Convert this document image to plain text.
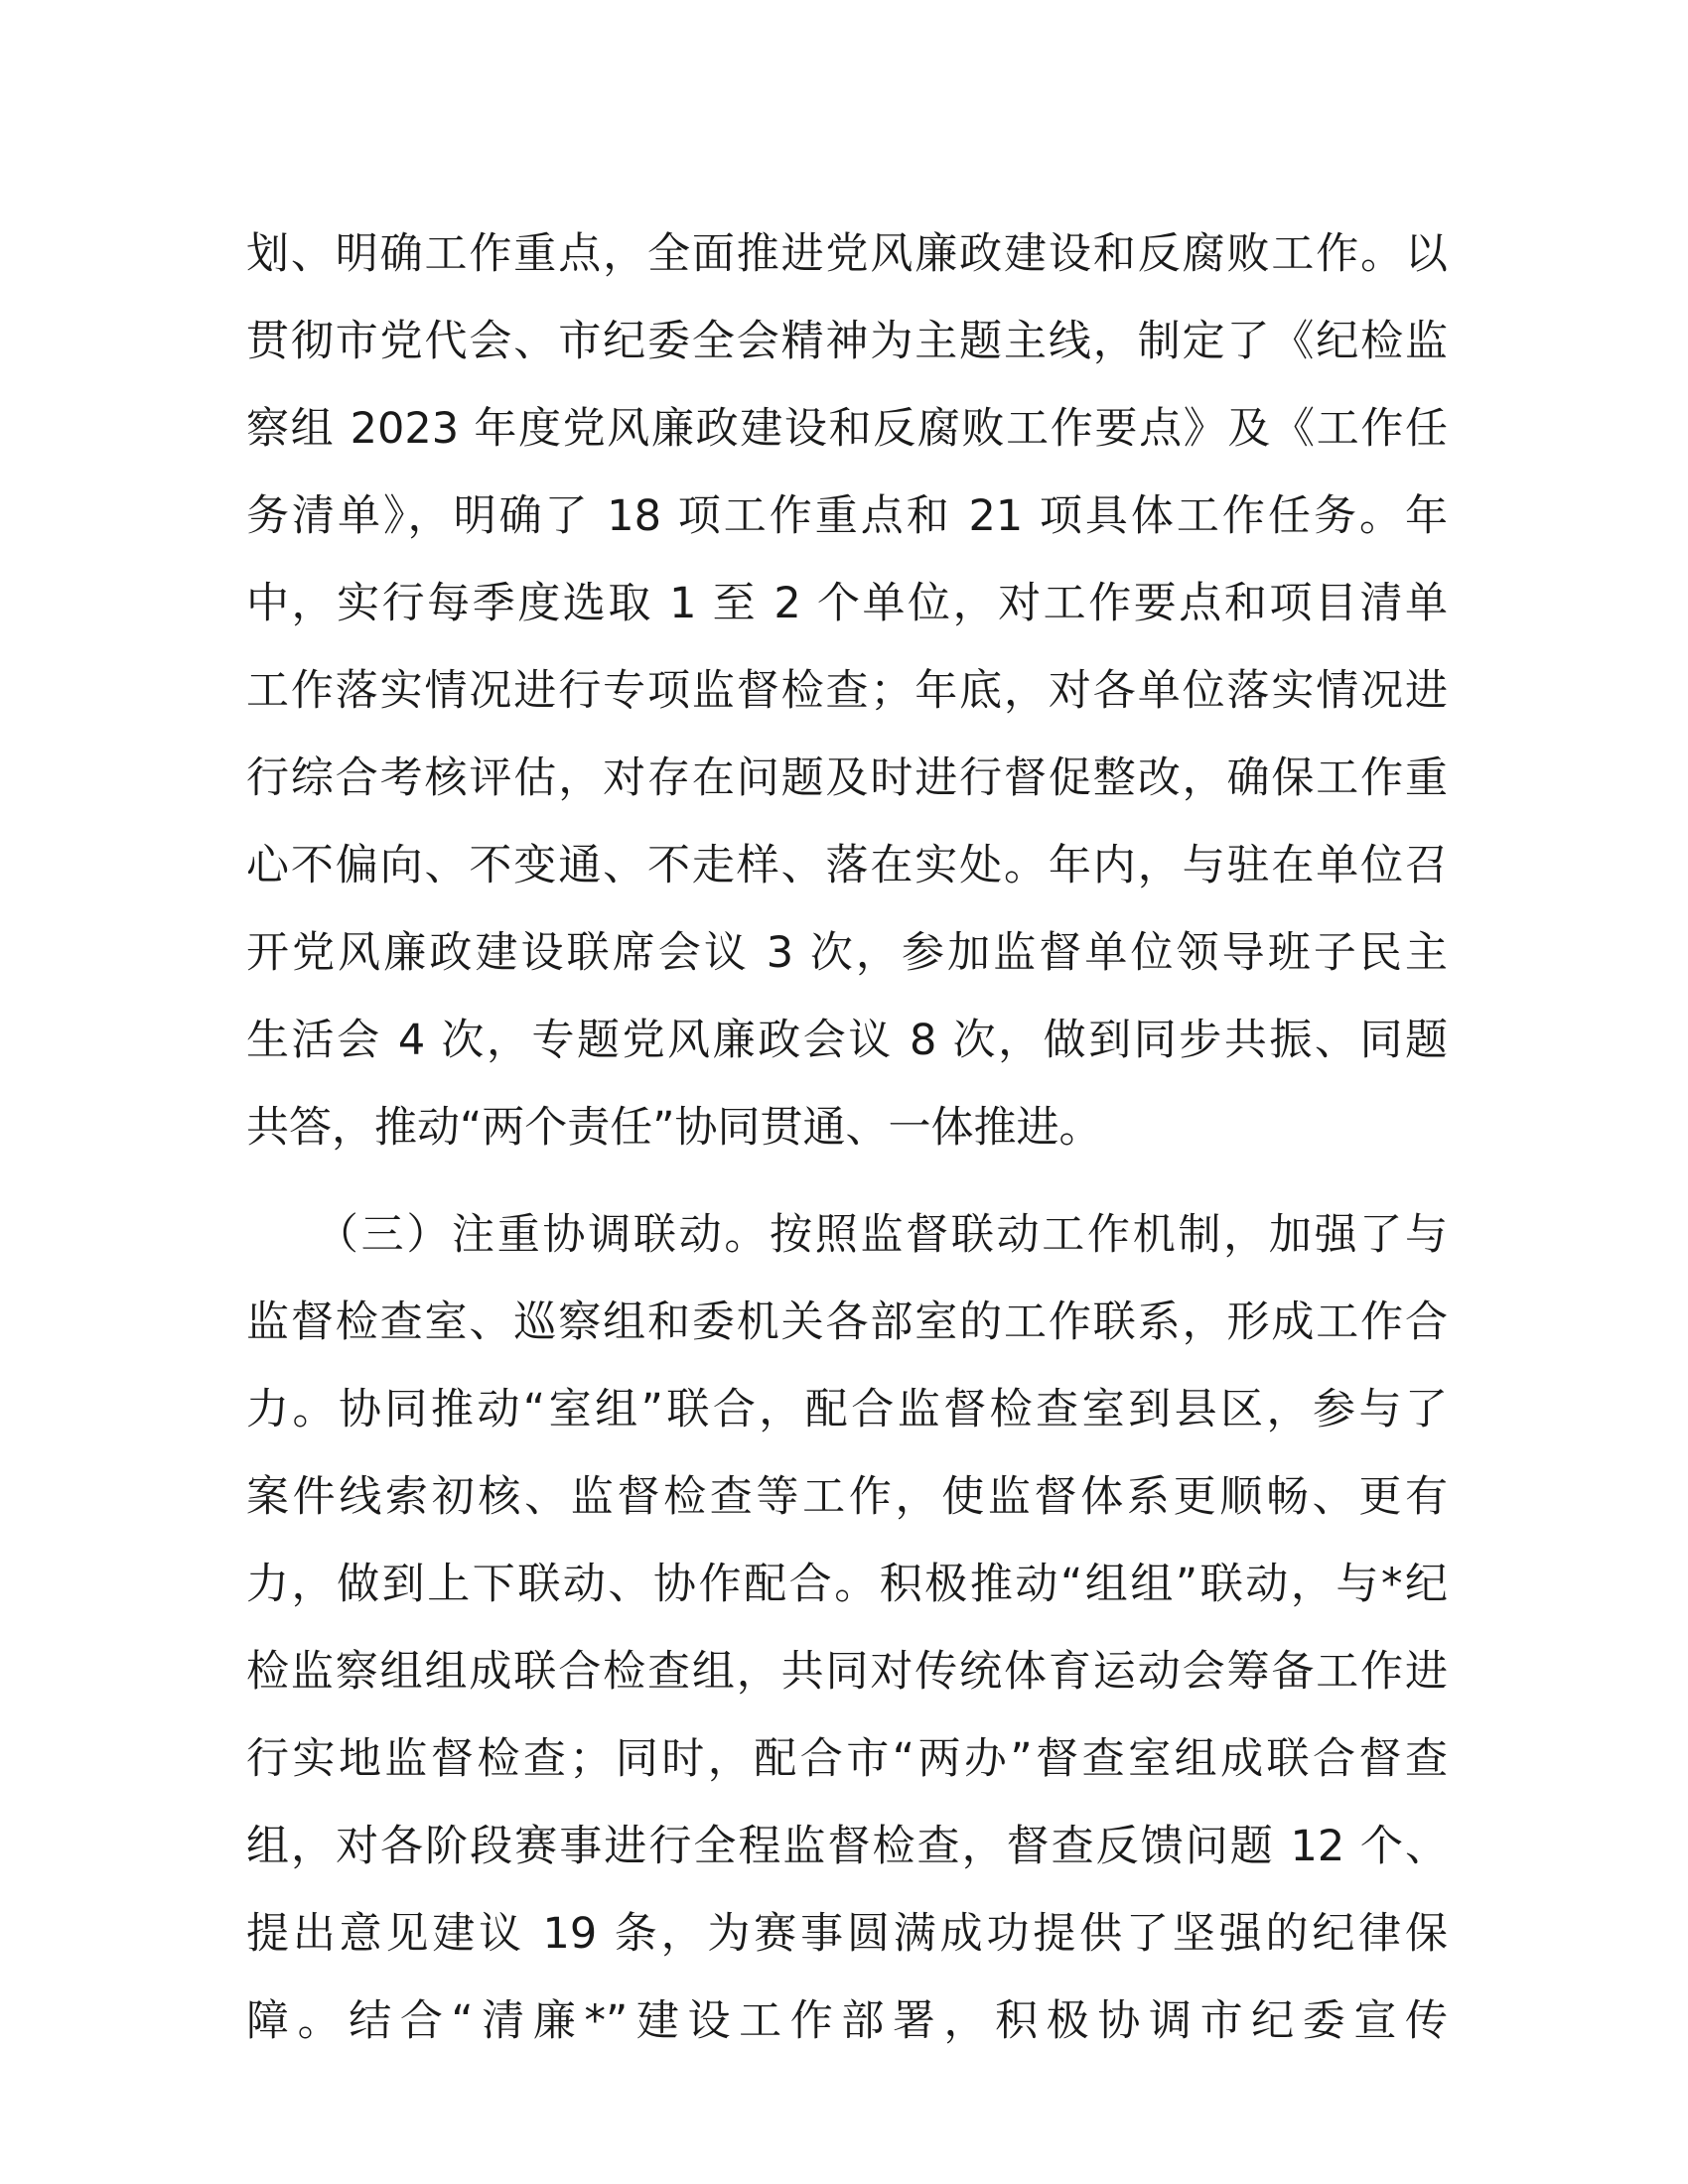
划、明确工作重点，全面推进党风廉政建设和反腐败工作。以
贯彻市党代会、市纪委全会精神为主题主线，制定了《纪检监
察组 2023 年度党风廉政建设和反腐败工作要点》及《工作任
务清单》，明确了 18 项工作重点和 21 项具体工作任务。年
中，实行每季度选取 1 至 2 个单位，对工作要点和项目清单
工作落实情况进行专项监督检查；年底，对各单位落实情况进
行综合考核评估，对存在问题及时进行督促整改，确保工作重
心不偏向、不变通、不走样、落在实处。年内，与驻在单位召
开党风廉政建设联席会议 3 次，参加监督单位领导班子民主
生活会 4 次，专题党风廉政会议 8 次，做到同步共振、同题
共答，推动“两个责任”协同贯通、一体推进。
　　（三）注重协调联动。按照监督联动工作机制，加强了与
监督检查室、巡察组和委机关各部室的工作联系，形成工作合
力。协同推动“室组”联合，配合监督检查室到县区，参与了
案件线索初核、监督检查等工作，使监督体系更顺畅、更有
力，做到上下联动、协作配合。积极推动“组组”联动，与*纪
检监察组组成联合检查组，共同对传统体育运动会筹备工作进
行实地监督检查；同时，配合市“两办”督查室组成联合督查
组，对各阶段赛事进行全程监督检查，督查反馈问题 12 个、
提出意见建议 19 条，为赛事圆满成功提供了坚强的纪律保
障。结合“清廉*”建设工作部署，积极协调市纪委宣传
